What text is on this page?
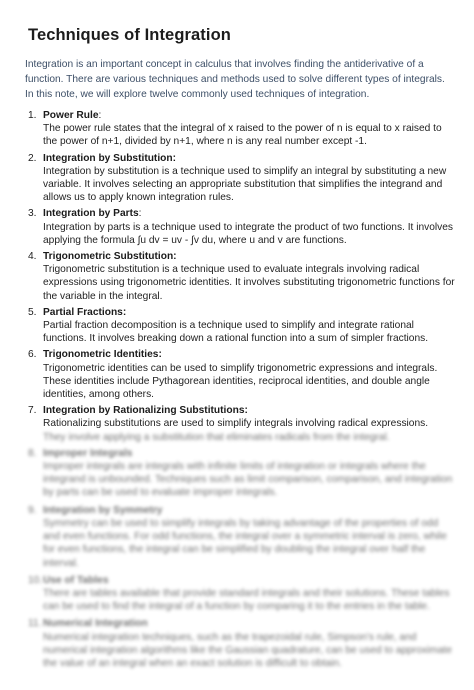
Techniques of Integration

Integration is an important concept in calculus that involves finding the antiderivative of a function. There are various techniques and methods used to solve different types of integrals. In this note, we will explore twelve commonly used techniques of integration.

1. Power Rule:
The power rule states that the integral of x raised to the power of n is equal to x raised to the power of n+1, divided by n+1, where n is any real number except -1.
2. Integration by Substitution:
Integration by substitution is a technique used to simplify an integral by substituting a new variable. It involves selecting an appropriate substitution that simplifies the integrand and allows us to apply known integration rules.
3. Integration by Parts:
Integration by parts is a technique used to integrate the product of two functions. It involves applying the formula ∫u dv = uv - ∫v du, where u and v are functions.
4. Trigonometric Substitution:
Trigonometric substitution is a technique used to evaluate integrals involving radical expressions using trigonometric identities. It involves substituting trigonometric functions for the variable in the integral.
5. Partial Fractions:
Partial fraction decomposition is a technique used to simplify and integrate rational functions. It involves breaking down a rational function into a sum of simpler fractions.
6. Trigonometric Identities:
Trigonometric identities can be used to simplify trigonometric expressions and integrals. These identities include Pythagorean identities, reciprocal identities, and double angle identities, among others.
7. Integration by Rationalizing Substitutions:
Rationalizing substitutions are used to simplify integrals involving radical expressions.
They involve applying a substitution that eliminates radicals from the integral.
8. Improper Integrals
Improper integrals are integrals with infinite limits of integration or integrals where the integrand is unbounded. Techniques such as limit comparison, comparison, and integration by parts can be used to evaluate improper integrals.
9. Integration by Symmetry
Symmetry can be used to simplify integrals by taking advantage of the properties of odd and even functions. For odd functions, the integral over a symmetric interval is zero, while for even functions, the integral can be simplified by doubling the integral over half the interval.
10. Use of Tables
There are tables available that provide standard integrals and their solutions. These tables can be used to find the integral of a function by comparing it to the entries in the table.
11. Numerical Integration
Numerical integration techniques, such as the trapezoidal rule, Simpson's rule, and numerical integration algorithms like the Gaussian quadrature, can be used to approximate the value of an integral when an exact solution is difficult to obtain.
